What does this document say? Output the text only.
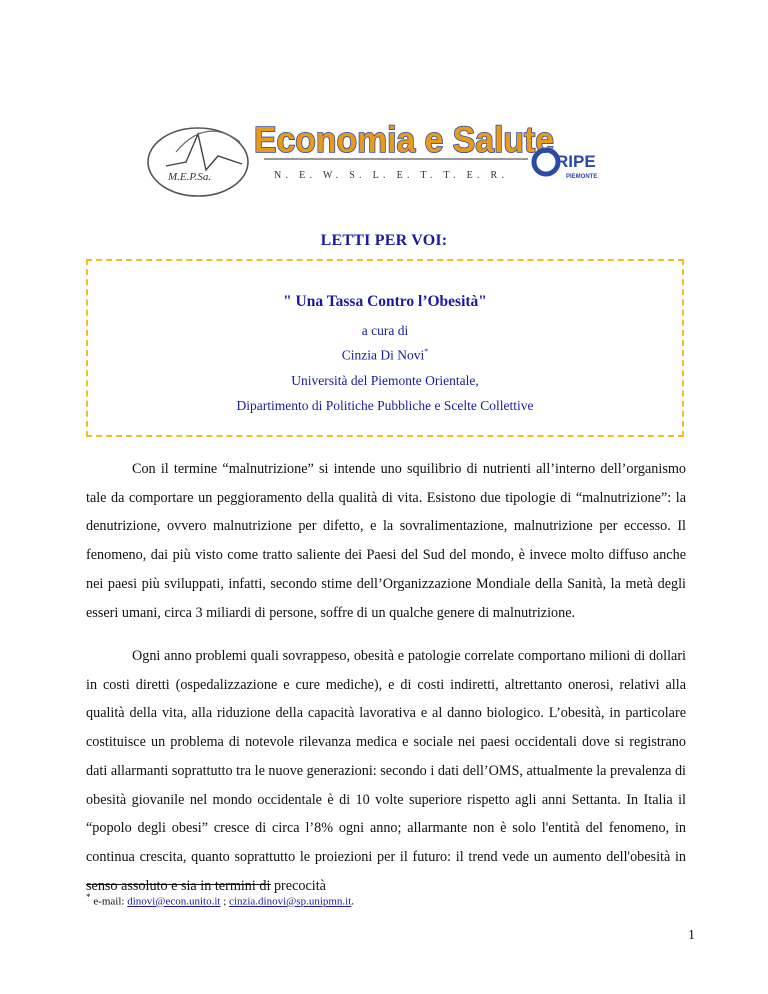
M.E.P.Sa.
Economia e Salute
N. E. W. S. L. E. T. T. E. R.
RIPE
PIEMONTE
LETTI PER VOI:
" Una Tassa Contro l’Obesità"
a cura di
Cinzia Di Novi*
Università del Piemonte Orientale,
Dipartimento di Politiche Pubbliche e Scelte Collettive

Con il termine “malnutrizione” si intende uno squilibrio di nutrienti all’interno dell’organismo tale da comportare un peggioramento della qualità di vita. Esistono due tipologie di “malnutrizione”: la denutrizione, ovvero malnutrizione per difetto, e la sovralimentazione, malnutrizione per eccesso. Il fenomeno, dai più visto come tratto saliente dei Paesi del Sud del mondo, è invece molto diffuso anche nei paesi più sviluppati, infatti, secondo stime dell’Organizzazione Mondiale della Sanità, la metà degli esseri umani, circa 3 miliardi di persone, soffre di un qualche genere di malnutrizione.

Ogni anno problemi quali sovrappeso, obesità e patologie correlate comportano milioni di dollari in costi diretti (ospedalizzazione e cure mediche), e di costi indiretti, altrettanto onerosi, relativi alla qualità della vita, alla riduzione della capacità lavorativa e al danno biologico. L’obesità, in particolare costituisce un problema di notevole rilevanza medica e sociale nei paesi occidentali dove si registrano dati allarmanti soprattutto tra le nuove generazioni: secondo i dati dell’OMS, attualmente la prevalenza di obesità giovanile nel mondo occidentale è di 10 volte superiore rispetto agli anni Settanta. In Italia il “popolo degli obesi” cresce di circa l’8% ogni anno; allarmante non è solo l'entità del fenomeno, in continua crescita, quanto soprattutto le proiezioni per il futuro: il trend vede un aumento dell'obesità in senso assoluto e sia in termini di precocità

* e-mail: dinovi@econ.unito.it ; cinzia.dinovi@sp.unipmn.it.
1
